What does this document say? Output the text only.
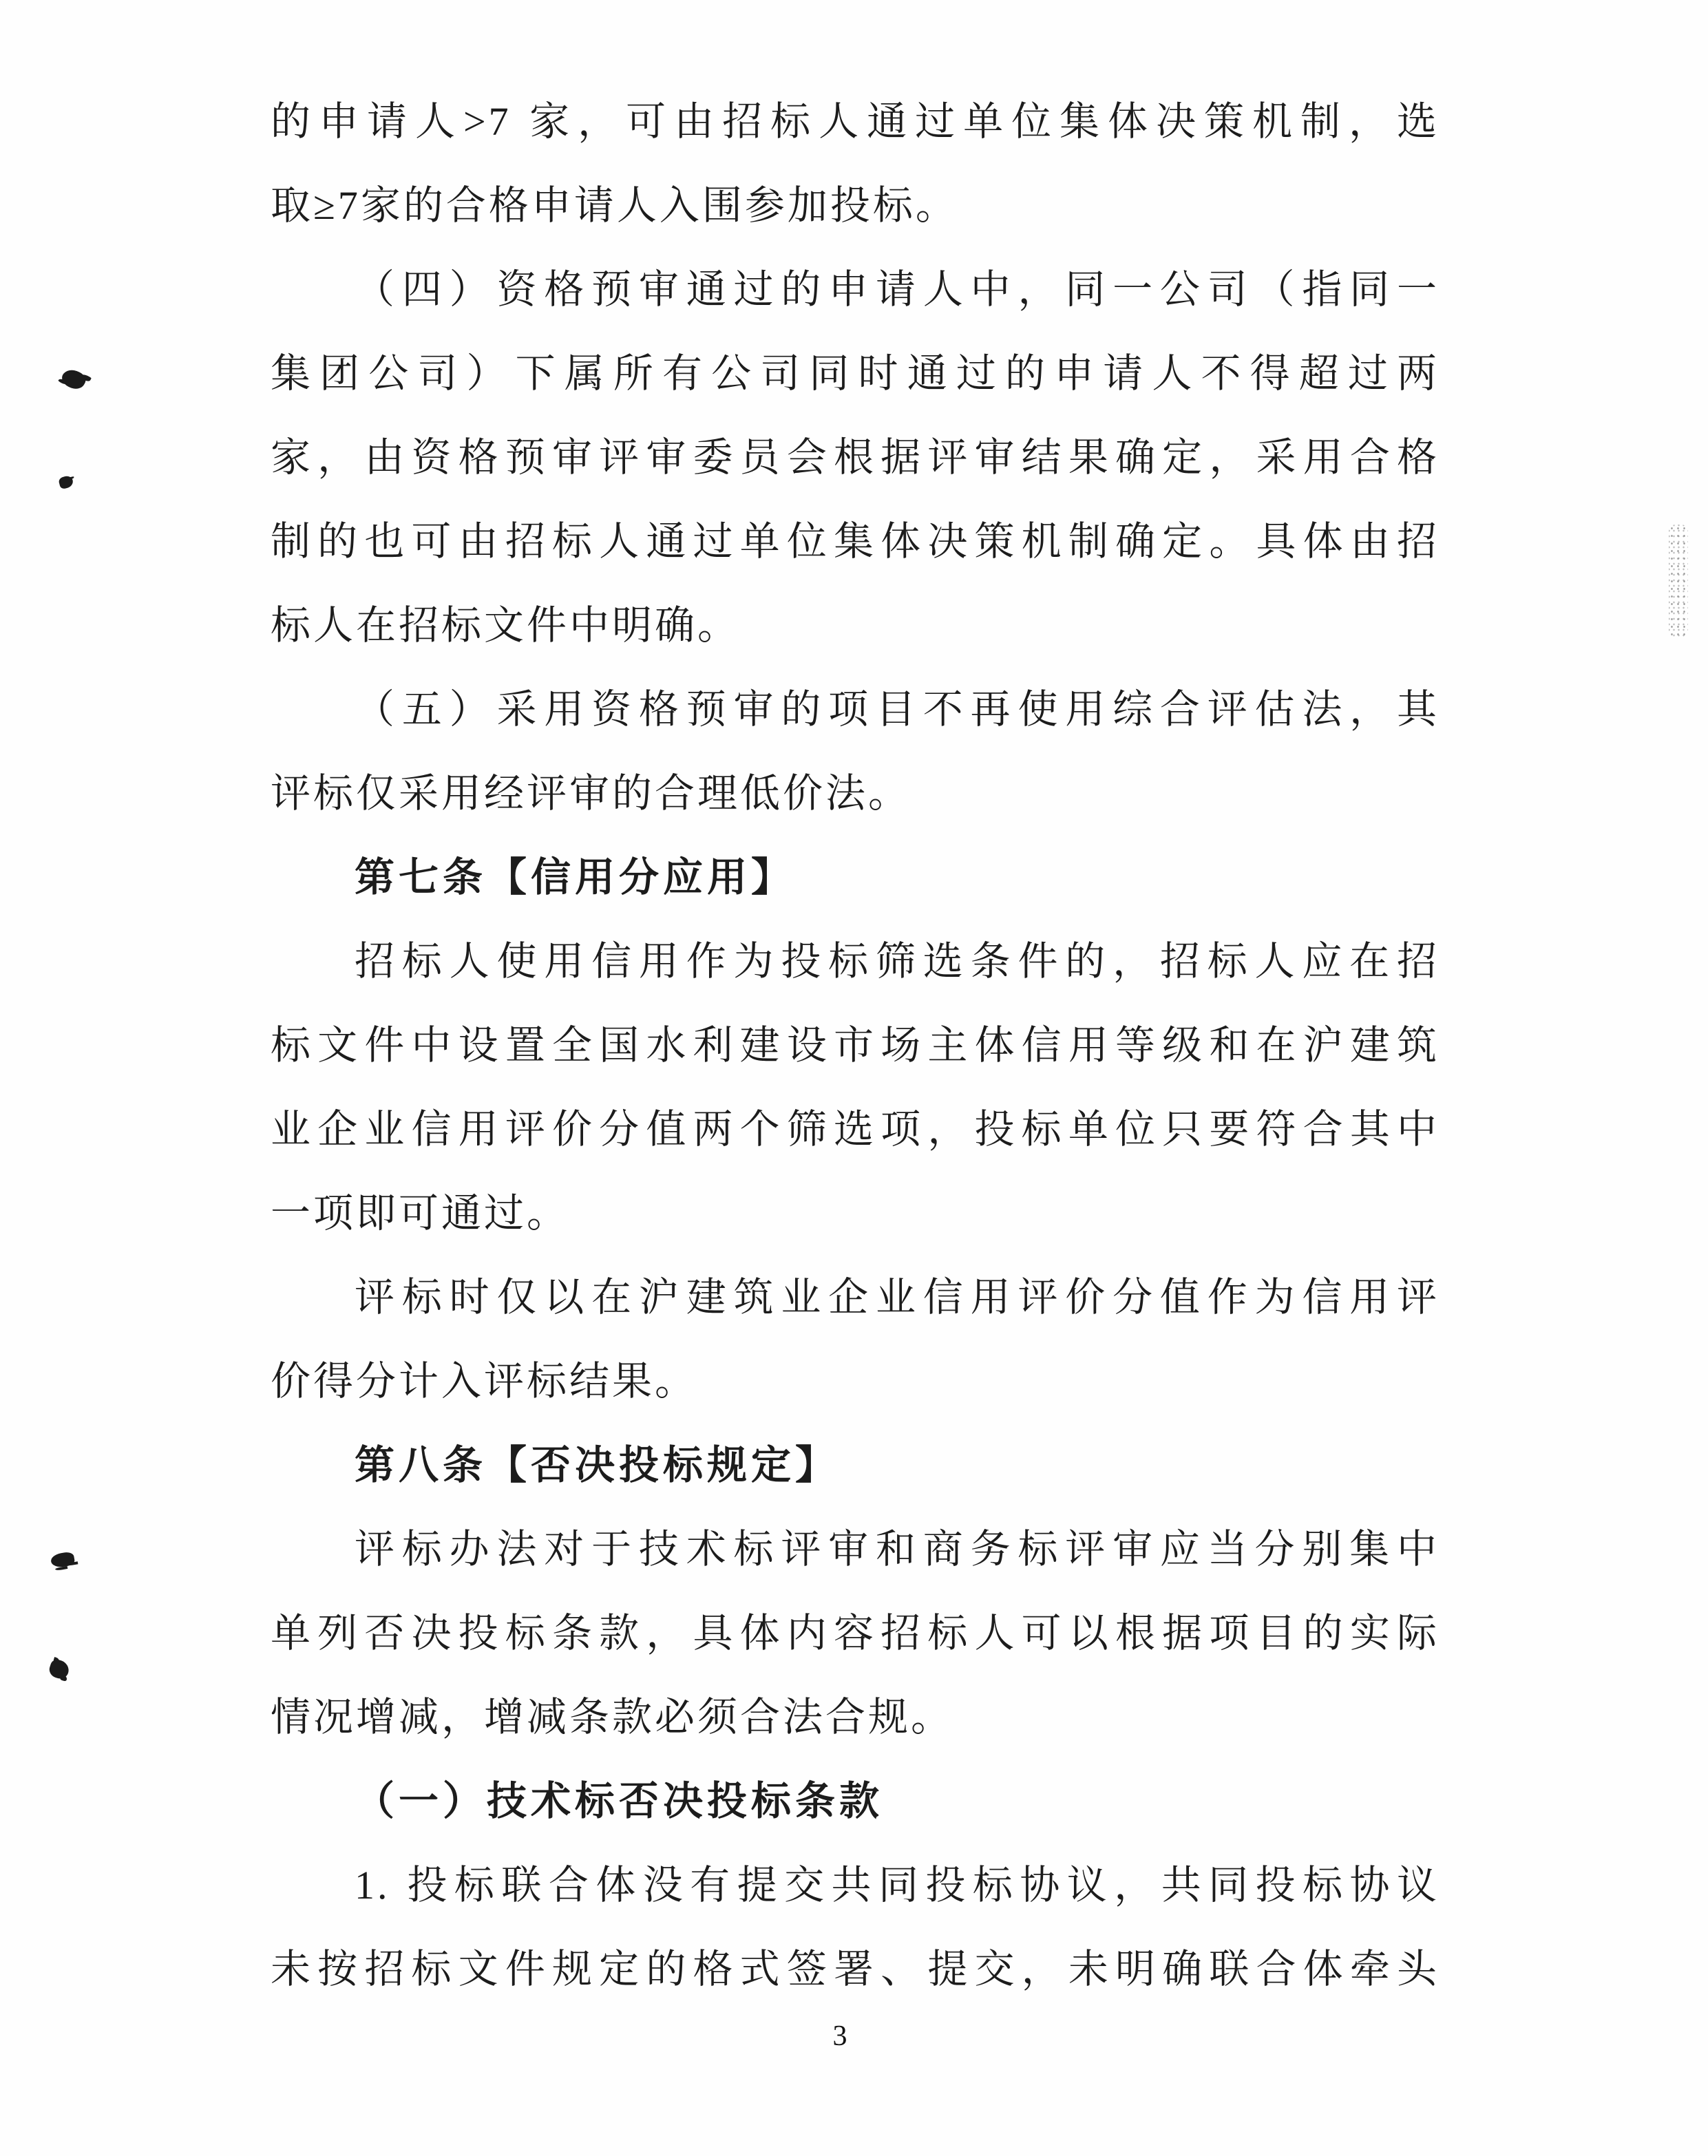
的申请人>7 家，可由招标人通过单位集体决策机制，选
取≥7家的合格申请人入围参加投标。
（四）资格预审通过的申请人中，同一公司（指同一
集团公司）下属所有公司同时通过的申请人不得超过两
家，由资格预审评审委员会根据评审结果确定，采用合格
制的也可由招标人通过单位集体决策机制确定。具体由招
标人在招标文件中明确。
（五）采用资格预审的项目不再使用综合评估法，其
评标仅采用经评审的合理低价法。
第七条【信用分应用】
招标人使用信用作为投标筛选条件的，招标人应在招
标文件中设置全国水利建设市场主体信用等级和在沪建筑
业企业信用评价分值两个筛选项，投标单位只要符合其中
一项即可通过。
评标时仅以在沪建筑业企业信用评价分值作为信用评
价得分计入评标结果。
第八条【否决投标规定】
评标办法对于技术标评审和商务标评审应当分别集中
单列否决投标条款，具体内容招标人可以根据项目的实际
情况增减，增减条款必须合法合规。
（一）技术标否决投标条款
1. 投标联合体没有提交共同投标协议，共同投标协议
未按招标文件规定的格式签署、提交，未明确联合体牵头
3
